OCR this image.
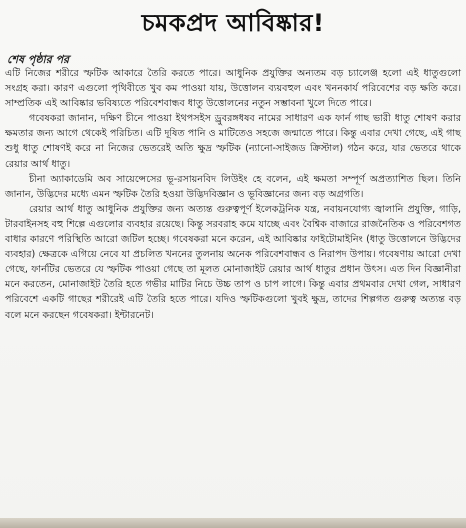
চমকপ্রদ আবিষ্কার!
শেষ পৃষ্ঠার পর

এটি নিজের শরীরে স্ফটিক আকারে তৈরি করতে পারে। আধুনিক প্রযুক্তির অন্যতম বড় চ্যালেঞ্জ হলো এই ধাতুগুলো সংগ্রহ করা। কারণ এগুলো পৃথিবীতে খুব কম পাওয়া যায়, উত্তোলন ব্যয়বহুল এবং খননকার্য পরিবেশের বড় ক্ষতি করে। সাম্প্রতিক এই আবিষ্কার ভবিষ্যতে পরিবেশবান্ধব ধাতু উত্তোলনের নতুন সম্ভাবনা খুলে দিতে পারে।

গবেষকরা জানান, দক্ষিণ চীনে পাওয়া ইথপসইস ড্রুবরঙ্গধষব নামের সাধারণ এক ফার্ন গাছ ভারী ধাতু শোষণ করার ক্ষমতার জন্য আগে থেকেই পরিচিত। এটি দূষিত পানি ও মাটিতেও সহজে জন্মাতে পারে। কিন্তু এবার দেখা গেছে, এই গাছ শুধু ধাতু শোষণই করে না নিজের ভেতরেই অতি ক্ষুদ্র স্ফটিক (ন্যানো-সাইজড ক্রিস্টাল) গঠন করে, যার ভেতরে থাকে রেয়ার আর্থ ধাতু।

চীনা অ্যাকাডেমি অব সায়েন্সেসের ভূ-রসায়নবিদ লিউইং হে বলেন, এই ক্ষমতা সম্পূর্ণ অপ্রত্যাশিত ছিল। তিনি জানান, উদ্ভিদের মধ্যে এমন স্ফটিক তৈরি হওয়া উদ্ভিদবিজ্ঞান ও ভূবিজ্ঞানের জন্য বড় অগ্রগতি।

রেয়ার আর্থ ধাতু আধুনিক প্রযুক্তির জন্য অত্যন্ত গুরুত্বপূর্ণ ইলেকট্রনিক যন্ত্র, নবায়নযোগ্য জ্বালানি প্রযুক্তি, গাড়ি, টারবাইনসহ বহু শিল্পে এগুলোর ব্যবহার রয়েছে। কিন্তু সরবরাহ কমে যাচ্ছে এবং বৈশ্বিক বাজারে রাজনৈতিক ও পরিবেশগত বাধার কারণে পরিস্থিতি আরো জটিল হচ্ছে। গবেষকরা মনে করেন, এই আবিষ্কার ফাইটোমাইনিং (ধাতু উত্তোলনে উদ্ভিদের ব্যবহার) ক্ষেত্রকে এগিয়ে নেবে যা প্রচলিত খননের তুলনায় অনেক পরিবেশবান্ধব ও নিরাপদ উপায়। গবেষণায় আরো দেখা গেছে, ফার্নটির ভেতরে যে স্ফটিক পাওয়া গেছে তা মূলত মোনাজাইট রেয়ার আর্থ ধাতুর প্রধান উৎস। এত দিন বিজ্ঞানীরা মনে করতেন, মোনাজাইট তৈরি হতে গভীর মাটির নিচে উচ্চ তাপ ও চাপ লাগে। কিন্তু এবার প্রথমবার দেখা গেল, সাধারণ পরিবেশে একটি গাছের শরীরেই এটি তৈরি হতে পারে। যদিও স্ফটিকগুলো খুবই ক্ষুদ্র, তাদের শিল্পগত গুরুত্ব অত্যন্ত বড় বলে মনে করছেন গবেষকরা। ইন্টারনেট।
